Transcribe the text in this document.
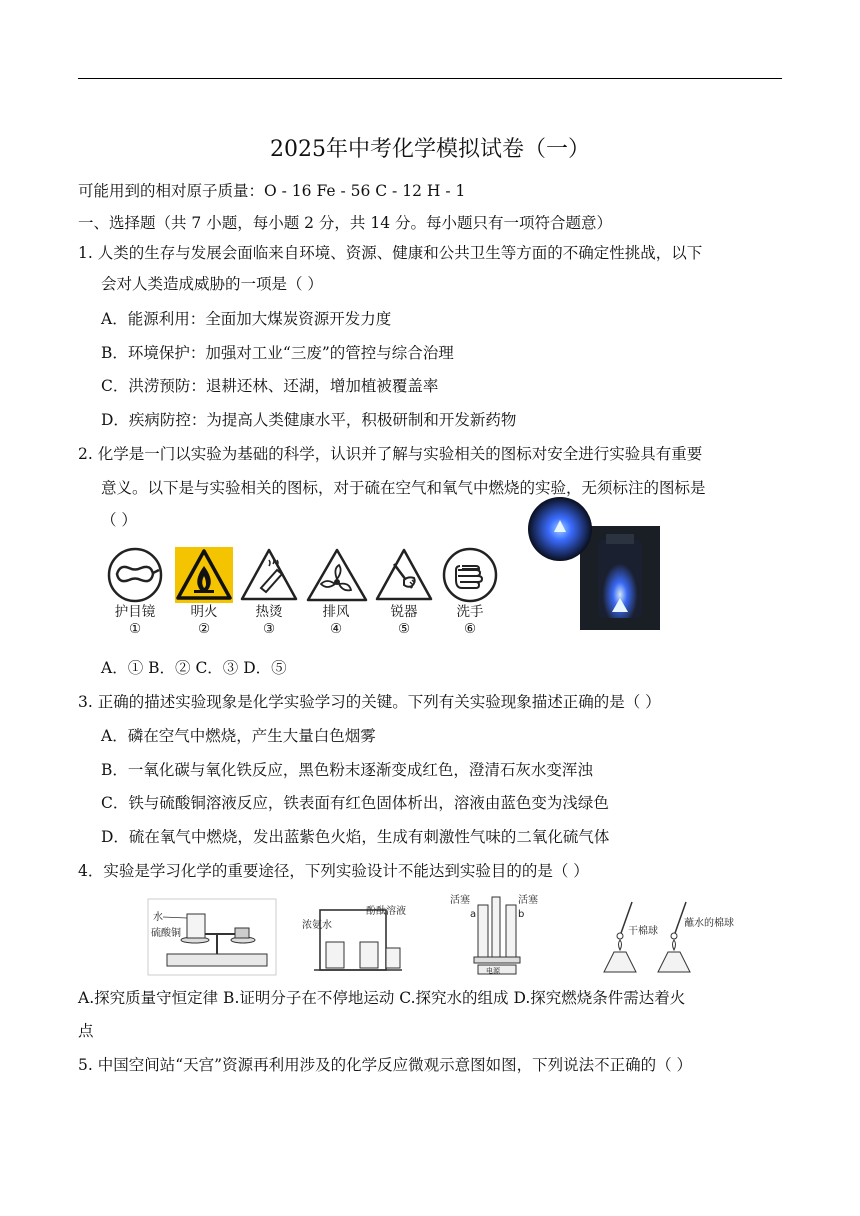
2025年中考化学模拟试卷（一）
可能用到的相对原子质量：O - 16 Fe - 56 C - 12 H - 1
一、选择题（共 7 小题，每小题 2 分，共 14 分。每小题只有一项符合题意）
1. 人类的生存与发展会面临来自环境、资源、健康和公共卫生等方面的不确定性挑战，以下
会对人类造成威胁的一项是（ ）
A．能源利用：全面加大煤炭资源开发力度
B．环境保护：加强对工业“三废”的管控与综合治理
C．洪涝预防：退耕还林、还湖，增加植被覆盖率
D．疾病防控：为提高人类健康水平，积极研制和开发新药物
2. 化学是一门以实验为基础的科学，认识并了解与实验相关的图标对安全进行实验具有重要
意义。以下是与实验相关的图标，对于硫在空气和氧气中燃烧的实验，无须标注的图标是
（ ）
护目镜
①
明火
②
热烫
③
排风
④
锐器
⑤
洗手
⑥
A．① B．② C．③ D．⑤
3. 正确的描述实验现象是化学实验学习的关键。下列有关实验现象描述正确的是（ ）
A．磷在空气中燃烧，产生大量白色烟雾
B．一氧化碳与氧化铁反应，黑色粉末逐渐变成红色，澄清石灰水变浑浊
C．铁与硫酸铜溶液反应，铁表面有红色固体析出，溶液由蓝色变为浅绿色
D．硫在氧气中燃烧，发出蓝紫色火焰，生成有刺激性气味的二氧化硫气体
4．实验是学习化学的重要途径，下列实验设计不能达到实验目的的是（ ）
水
硫酸铜
浓氨水
酚酞溶液
活塞	活塞
a	b
电源
干棉球
蘸水的棉球
A.探究质量守恒定律 B.证明分子在不停地运动 C.探究水的组成 D.探究燃烧条件需达着火
点
5. 中国空间站“天宫”资源再利用涉及的化学反应微观示意图如图，下列说法不正确的（ ）
